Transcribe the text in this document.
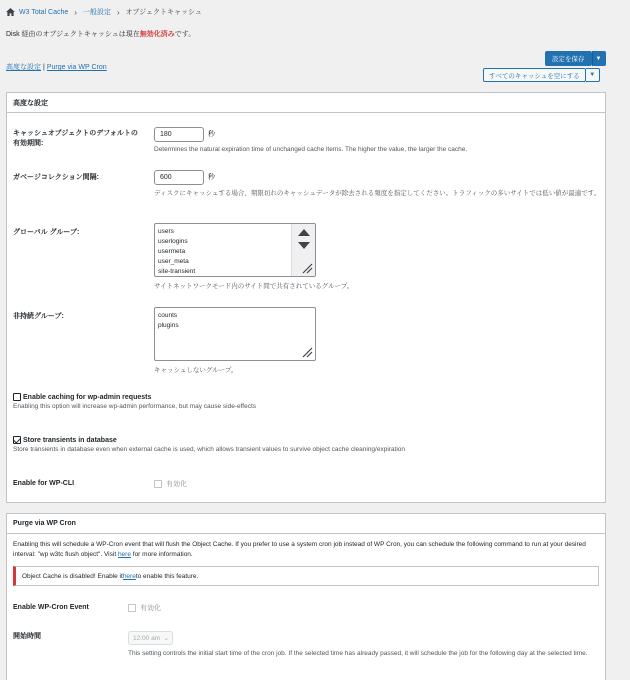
W3 Total Cache › 一般設定 › オブジェクトキャッシュ
Disk 経由のオブジェクトキャッシュは現在無効化済みです。
高度な設定 | Purge via WP Cron
設定を保存	▼
すべてのキャッシュを空にする	▼
高度な設定
キャッシュオブジェクトのデフォルトの有効期間:
180	秒
Determines the natural expiration time of unchanged cache items. The higher the value, the larger the cache.
ガベージコレクション間隔:	600	秒
ディスクにキャッシュする場合、期限切れのキャッシュデータが除去される頻度を指定してください。トラフィックの多いサイトでは低い値が最適です。
グローバル グループ:	users
userlogins
usermeta
user_meta
site-transient
サイトネットワークモード内のサイト間で共有されているグループ。
非持続グループ:	counts
plugins
キャッシュしないグループ。
Enable caching for wp-admin requests
Enabling this option will increase wp-admin performance, but may cause side-effects
Store transients in database
Store transients in database even when external cache is used, which allows transient values to survive object cache cleaning/expiration
Enable for WP-CLI	有効化
Purge via WP Cron
Enabling this will schedule a WP-Cron event that will flush the Object Cache. If you prefer to use a system cron job instead of WP Cron, you can schedule the following command to run at your desired interval: "wp w3tc flush object". Visit here for more information.
Object Cache is disabled! Enable it here to enable this feature.
Enable WP-Cron Event	有効化
開始時間	12:00 am ⌄
This setting controls the initial start time of the cron job. If the selected time has already passed, it will schedule the job for the following day at the selected time.
